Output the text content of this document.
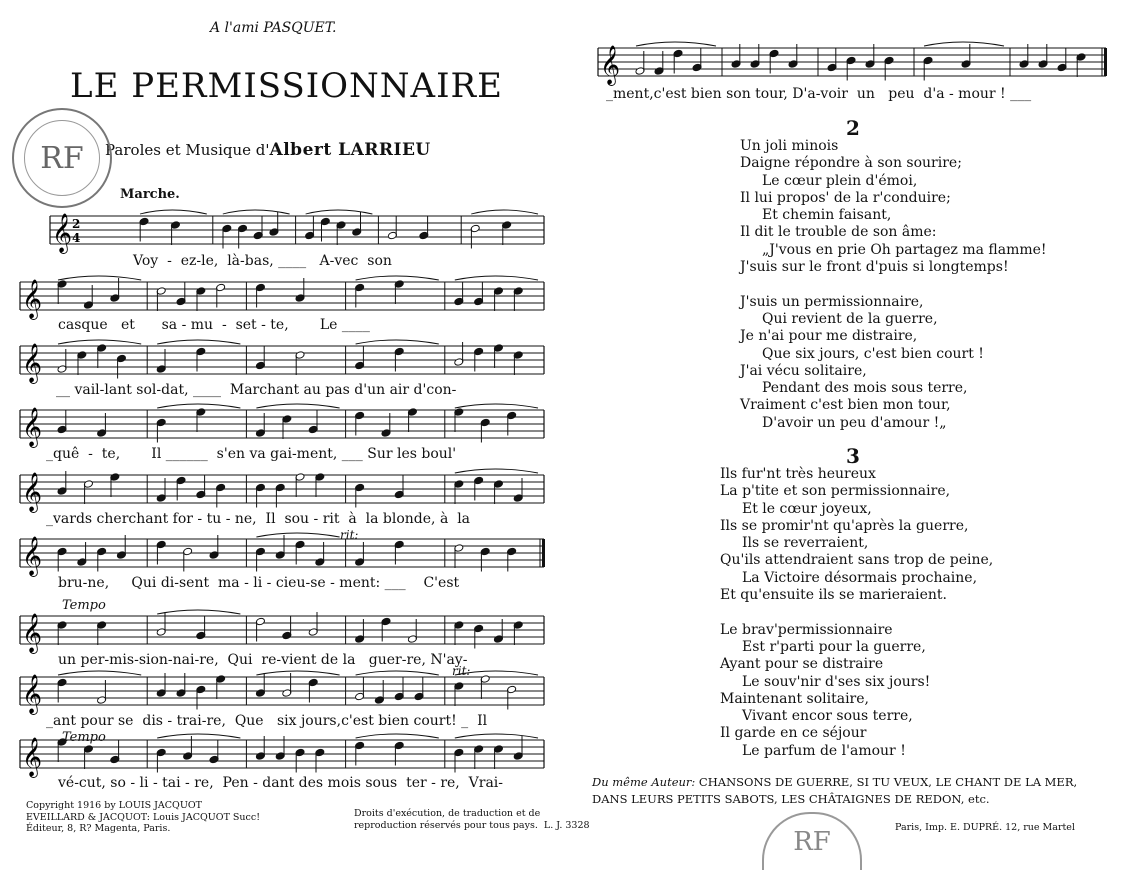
A l'ami PASQUET.
LE PERMISSIONNAIRE
Paroles et Musique d'Albert LARRIEU
RF
RF
Marche.
𝄞 2
4
𝄞
𝄞
𝄞
𝄞
𝄞
𝄞
𝄞
𝄞
𝄞
Voy  -  ez-le,  là-bas, ____   A-vec  son
casque   et      sa - mu  -  set - te,       Le ____
__ vail-lant sol-dat, ____  Marchant au pas d'un air d'con-
_quê  -  te,       Il ______  s'en va gai-ment, ___ Sur les boul'
_vards cherchant for - tu - ne,  Il  sou - rit  à  la blonde, à  la
bru-ne,     Qui di-sent  ma - li - cieu-se - ment: ___    C'est
un per-mis-sion-nai-re,  Qui  re-vient de la   guer-re, N'ay-
_ant pour se  dis - trai-re,  Que   six jours,c'est bien court! _  Il
vé-cut, so - li - tai - re,  Pen - dant des mois sous  ter - re,  Vrai-
_ment,c'est bien son tour, D'a-voir  un   peu  d'a - mour ! ___
Tempo
Tempo
rit:
rit:
2
Un joli minois
Daigne répondre à son sourire;
Le cœur plein d'émoi,
Il lui propos' de la r'conduire;
Et chemin faisant,
Il dit le trouble de son âme:
„J'vous en prie Oh partagez ma flamme!
J'suis sur le front d'puis si longtemps!

J'suis un permissionnaire,
Qui revient de la guerre,
Je n'ai pour me distraire,
Que six jours, c'est bien court !
J'ai vécu solitaire,
Pendant des mois sous terre,
Vraiment c'est bien mon tour,
D'avoir un peu d'amour !„
3
Ils fur'nt très heureux
La p'tite et son permissionnaire,
Et le cœur joyeux,
Ils se promir'nt qu'après la guerre,
Ils se reverraient,
Qu'ils attendraient sans trop de peine,
La Victoire désormais prochaine,
Et qu'ensuite ils se marieraient.

Le brav'permissionnaire
Est r'parti pour la guerre,
Ayant pour se distraire
Le souv'nir d'ses six jours!
Maintenant solitaire,
Vivant encor sous terre,
Il garde en ce séjour
Le parfum de l'amour !
Du même Auteur: CHANSONS DE GUERRE, SI TU VEUX, LE CHANT DE LA MER,
DANS LEURS PETITS SABOTS, LES CHÂTAIGNES DE REDON, etc.
Copyright 1916 by LOUIS JACQUOT
EVEILLARD & JACQUOT: Louis JACQUOT Succ!
Éditeur, 8, R? Magenta, Paris.
Droits d'exécution, de traduction et de
reproduction réservés pour tous pays.  L. J. 3328	Paris, Imp. E. DUPRÉ. 12, rue Martel
